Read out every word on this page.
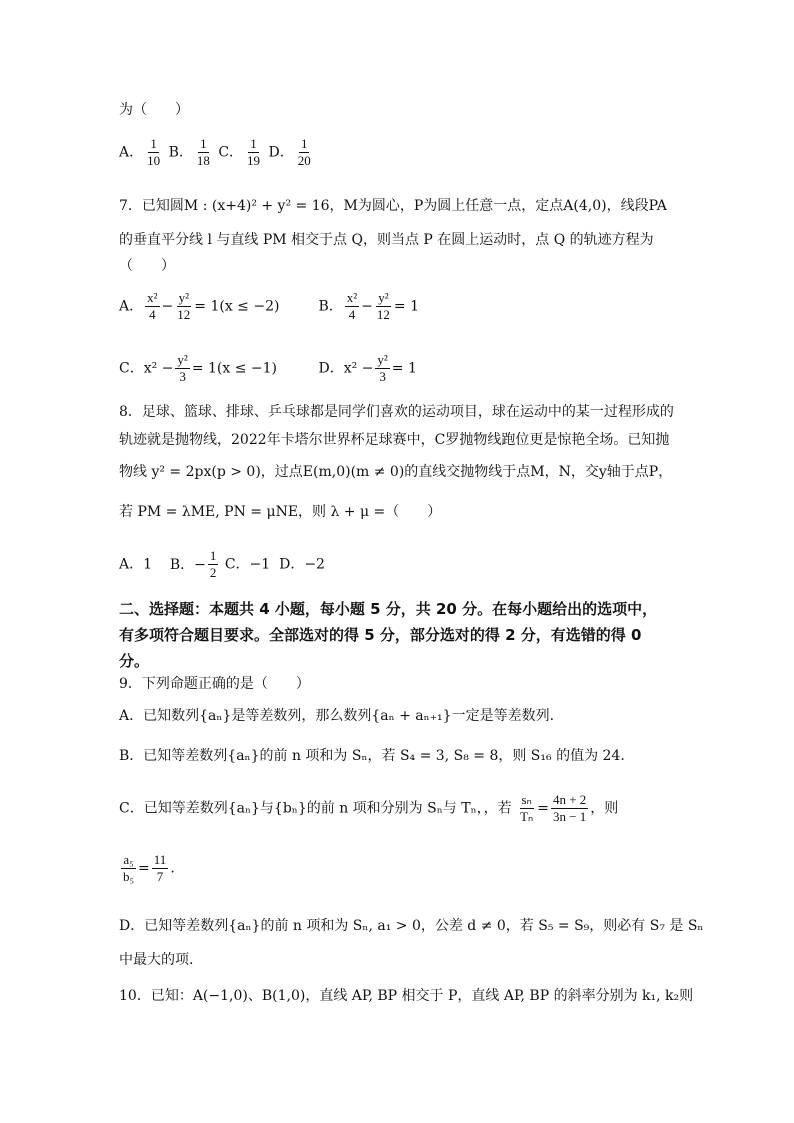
为（　　）
A． $\frac{1}{10}$ B． $\frac{1}{18}$ C． $\frac{1}{19}$ D． $\frac{1}{20}$
7．已知圆M : (x+4)² + y² = 16，M为圆心，P为圆上任意一点，定点A(4,0)，线段PA
的垂直平分线 l 与直线 PM 相交于点 Q，则当点 P 在圆上运动时，点 Q 的轨迹方程为
（　　）
A． $\frac{\text{x²}}{4} - \frac{\text{y²}}{12} = 1(x \le -2)$	B． $\frac{\text{x²}}{4} - \frac{\text{y²}}{12} = 1$
C．$x^2 - \frac{\text{y²}}{3} = 1(x \le -1)$	D．$x^2 - \frac{\text{y²}}{3} = 1$
8．足球、篮球、排球、乒乓球都是同学们喜欢的运动项目，球在运动中的某一过程形成的
轨迹就是抛物线，2022年卡塔尔世界杯足球赛中，C罗抛物线跑位更是惊艳全场。已知抛
物线 y² = 2px(p > 0)，过点E(m,0)(m ≠ 0)的直线交抛物线于点M，N，交y轴于点P，
若 PM = λME, PN = μNE，则 λ + μ =（　　）
A．1 B．− $\frac{1}{2}$ C．−1 D．−2
二、选择题：本题共 4 小题，每小题 5 分，共 20 分。在每小题给出的选项中，
有多项符合题目要求。全部选对的得 5 分，部分选对的得 2 分，有选错的得 0
分。
9．下列命题正确的是（　　）
A．已知数列{aₙ}是等差数列，那么数列{aₙ + aₙ₊₁}一定是等差数列.
B．已知等差数列{aₙ}的前 n 项和为 Sₙ，若 S₄ = 3, S₈ = 8，则 S₁₆ 的值为 24.
C．已知等差数列{aₙ}与{bₙ}的前 n 项和分别为 Sₙ与 Tₙ，，若 $\frac{\text{sₙ}}{\text{Tₙ}} = \frac{4n + 2}{3n - 1}$ ，则
$\frac{\text{a₅}}{\text{b₅}} = \frac{11}{7}$ .
D．已知等差数列{aₙ}的前 n 项和为 Sₙ, a₁ > 0，公差 d ≠ 0，若 S₅ = S₉，则必有 S₇ 是 Sₙ
中最大的项.
10．已知：A(−1,0)、B(1,0)，直线 AP, BP 相交于 P，直线 AP, BP 的斜率分别为 k₁, k₂则
